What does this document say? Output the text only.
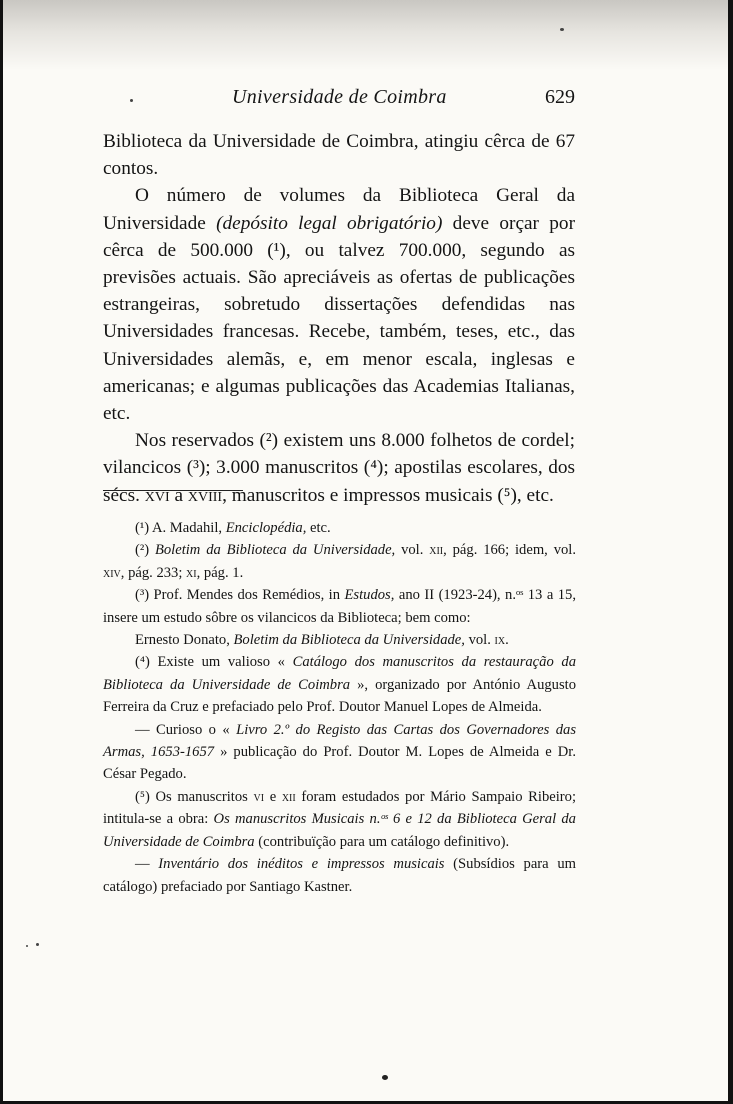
Universidade de Coimbra	629

Biblioteca da Universidade de Coimbra, atingiu cêrca de 67 contos.

O número de volumes da Biblioteca Geral da Universidade (depósito legal obrigatório) deve orçar por cêrca de 500.000 (¹), ou talvez 700.000, segundo as previsões actuais. São apreciáveis as ofertas de publicações estrangeiras, sobretudo dissertações defendidas nas Universidades francesas. Recebe, também, teses, etc., das Universidades alemãs, e, em menor escala, inglesas e americanas; e algumas publicações das Academias Italianas, etc.

Nos reservados (²) existem uns 8.000 folhetos de cordel; vilancicos (³); 3.000 manuscritos (⁴); apostilas escolares, dos sécs. xvi a xviii, manuscritos e impressos musicais (⁵), etc.

(¹) A. Madahil, Enciclopédia, etc.

(²) Boletim da Biblioteca da Universidade, vol. xii, pág. 166; idem, vol. xiv, pág. 233; xi, pág. 1.

(³) Prof. Mendes dos Remédios, in Estudos, ano II (1923-24), n.ᵒˢ 13 a 15, insere um estudo sôbre os vilancicos da Biblioteca; bem como:

Ernesto Donato, Boletim da Biblioteca da Universidade, vol. ix.

(⁴) Existe um valioso « Catálogo dos manuscritos da restauração da Biblioteca da Universidade de Coimbra », organizado por António Augusto Ferreira da Cruz e prefaciado pelo Prof. Doutor Manuel Lopes de Almeida.

— Curioso o « Livro 2.º do Registo das Cartas dos Governadores das Armas, 1653-1657 » publicação do Prof. Doutor M. Lopes de Almeida e Dr. César Pegado.

(⁵) Os manuscritos vi e xii foram estudados por Mário Sampaio Ribeiro; intitula-se a obra: Os manuscritos Musicais n.ᵒˢ 6 e 12 da Biblioteca Geral da Universidade de Coimbra (contribuïção para um catálogo definitivo).

— Inventário dos inéditos e impressos musicais (Subsídios para um catálogo) prefaciado por Santiago Kastner.
